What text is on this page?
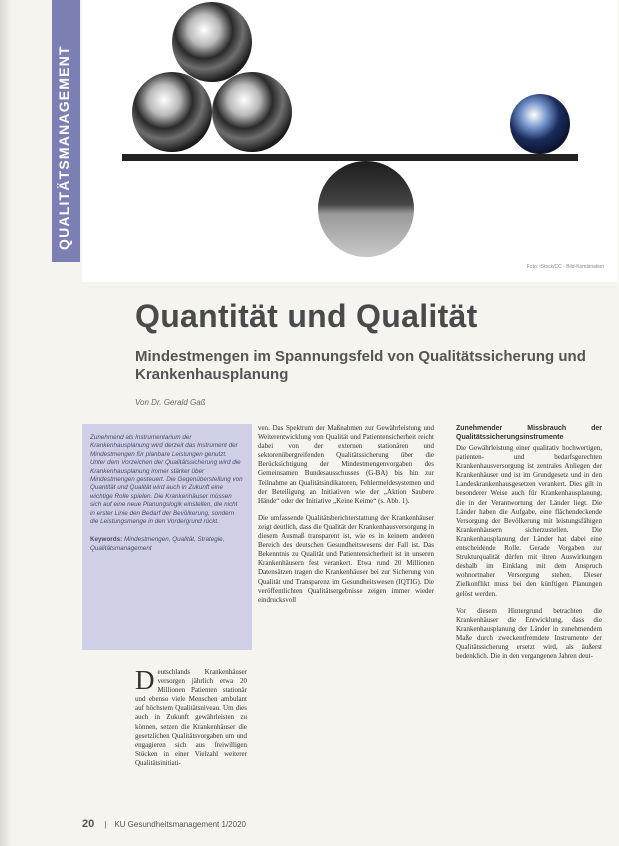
QUALITÄTSMANAGEMENT
Foto: iStock/CC · Bild-Kombination
Quantität und Qualität
Mindestmengen im Spannungsfeld von Qualitätssicherung und Krankenhausplanung
Von Dr. Gerald Gaß
Zunehmend als Instrumentarium der Krankenhausplanung wird derzeit das Instrument der Mindestmengen für planbare Leistungen genutzt. Unter dem Vorzeichen der Qualitätssicherung wird die Krankenhausplanung immer stärker über Mindestmengen gesteuert. Die Gegenüberstellung von Quantität und Qualität wird auch in Zukunft eine wichtige Rolle spielen. Die Krankenhäuser müssen sich auf eine neue Planungslogik einstellen, die nicht in erster Linie den Bedarf der Bevölkerung, sondern die Leistungsmenge in den Vordergrund rückt.
Keywords: Mindestmengen, Qualität, Strategie, Qualitätsmanagement
Deutschlands Krankenhäuser versorgen jährlich etwa 20 Millionen Patienten stationär und ebenso viele Menschen ambulant auf höchstem Qualitätsniveau. Um dies auch in Zukunft gewährleisten zu können, setzen die Krankenhäuser die gesetzlichen Qualitätsvorgaben um und engagieren sich aus freiwilligen Stücken in einer Vielzahl weiterer Qualitätsinitiati-

ven. Das Spektrum der Maßnahmen zur Gewährleistung und Weiterentwicklung von Qualität und Patientensicherheit reicht dabei von der externen stationären und sektorenübergreifenden Qualitätssicherung über die Berücksichtigung der Mindestmengenvorgaben des Gemeinsamen Bundesausschusses (G-BA) bis hin zur Teilnahme an Qualitätsindikatoren, Fehlermeldesystemen und der Beteiligung an Initiativen wie der „Aktion Saubere Hände“ oder der Initiative „Keine Keime“ (s. Abb. 1).

Die umfassende Qualitätsberichterstattung der Krankenhäuser zeigt deutlich, dass die Qualität der Krankenhausversorgung in diesem Ausmaß transparent ist, wie es in keinem anderen Bereich des deutschen Gesundheitswesens der Fall ist. Das Bekenntnis zu Qualität und Patientensicherheit ist in unseren Krankenhäusern fest verankert. Etwa rund 20 Millionen Datensätzen tragen die Krankenhäuser bei zur Sicherung von Qualität und Transparenz im Gesundheitswesen (IQTIG). Die veröffentlichten Qualitätsergebnisse zeigen immer wieder eindrucksvoll

Zunehmender Missbrauch der Qualitätssicherungsinstrumente

Die Gewährleistung einer qualitativ hochwertigen, patienten- und bedarfsgerechten Krankenhausversorgung ist zentrales Anliegen der Krankenhäuser und ist im Grundgesetz und in den Landeskrankenhausgesetzen verankert. Dies gilt in besonderer Weise auch für Krankenhausplanung, die in der Verantwortung der Länder liegt. Die Länder haben die Aufgabe, eine flächendeckende Versorgung der Bevölkerung mit leistungsfähigen Krankenhäusern sicherzustellen. Die Krankenhausplanung der Länder hat dabei eine entscheidende Rolle. Gerade Vorgaben zur Strukturqualität dürfen mit ihren Auswirkungen deshalb im Einklang mit dem Anspruch wohnortnaher Versorgung stehen. Dieser Zielkonflikt muss bei den künftigen Planungen gelöst werden.

Vor diesem Hintergrund betrachten die Krankenhäuser die Entwicklung, dass die Krankenhausplanung der Länder in zunehmendem Maße durch zweckentfremdete Instrumente der Qualitätssicherung ersetzt wird, als äußerst bedenklich. Die in den vergangenen Jahren deut-

20 | KU Gesundheitsmanagement 1/2020
